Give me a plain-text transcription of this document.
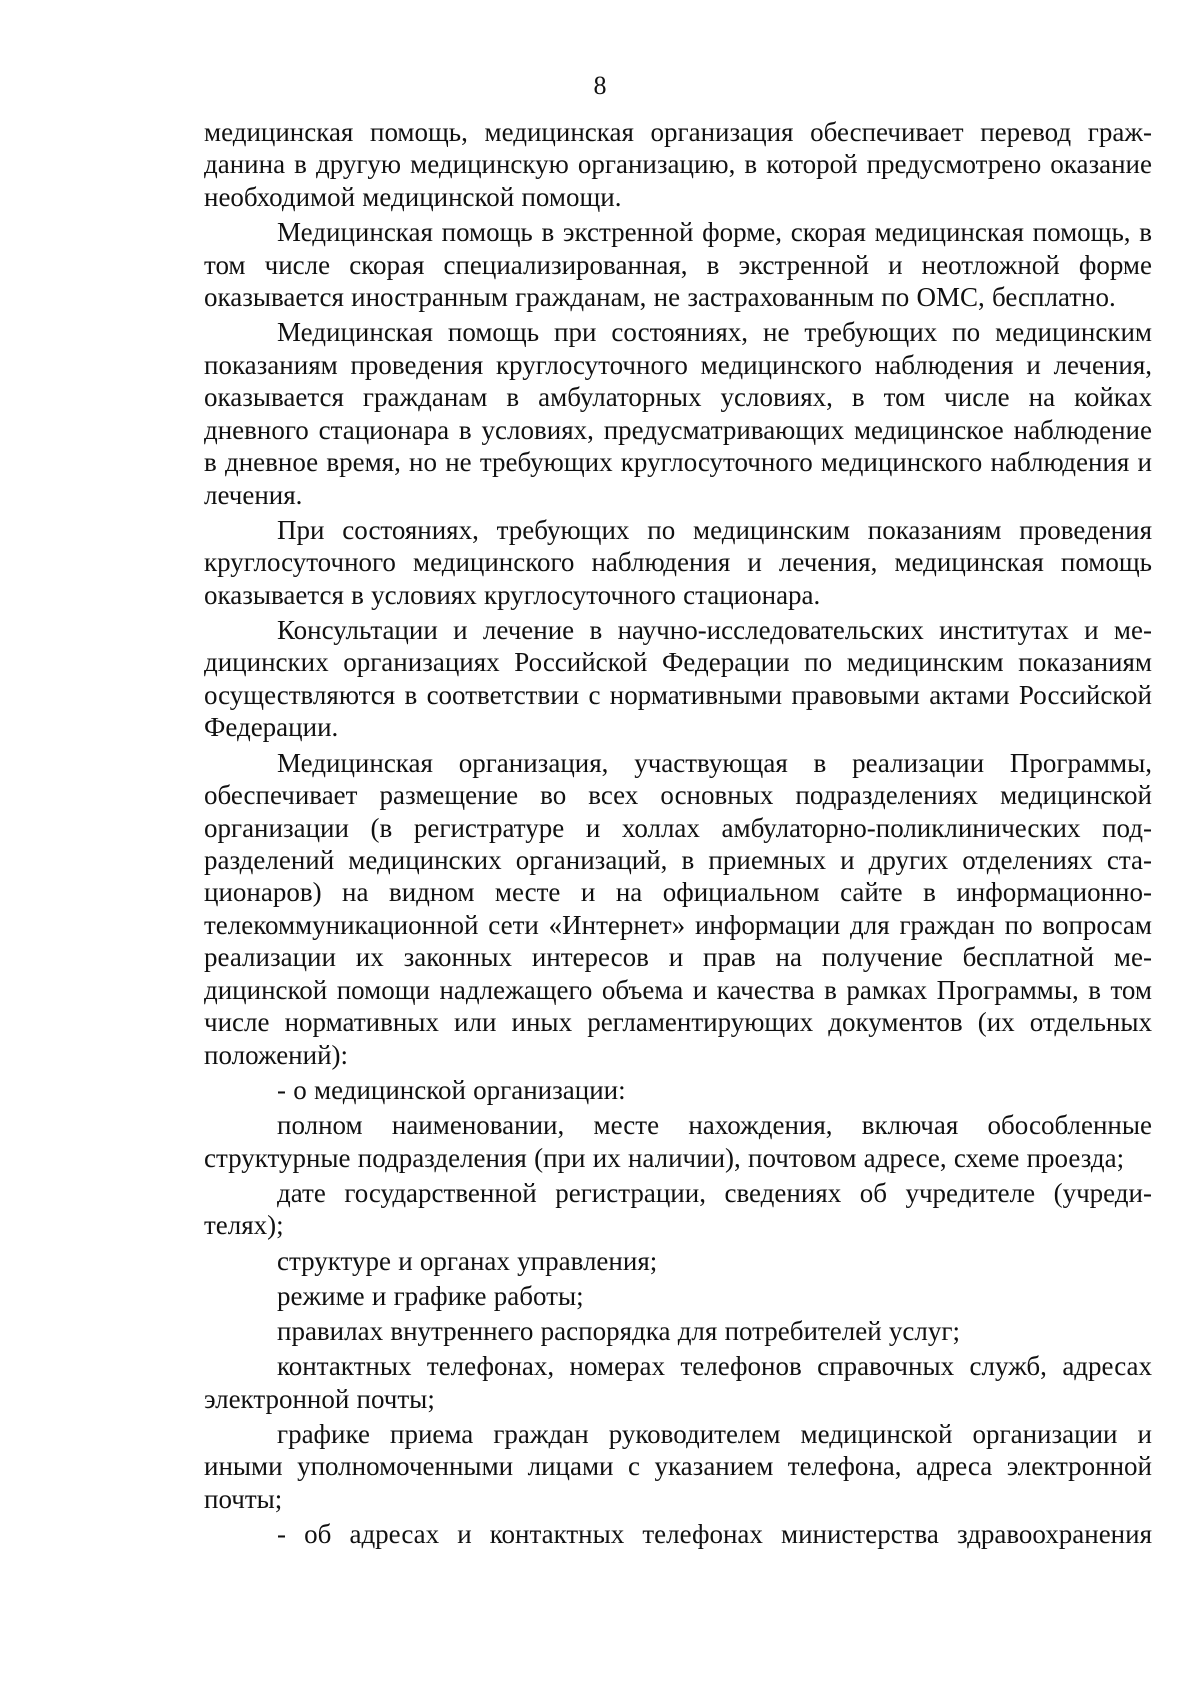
8

медицинская помощь, медицинская организация обеспечивает перевод гражданина в другую медицинскую организацию, в которой предусмотрено оказание необходимой медицинской помощи.

Медицинская помощь в экстренной форме, скорая медицинская помощь, в том числе скорая специализированная, в экстренной и неотложной форме оказывается иностранным гражданам, не застрахованным по ОМС, бесплатно.

Медицинская помощь при состояниях, не требующих по медицинским показаниям проведения круглосуточного медицинского наблюдения и лечения, оказывается гражданам в амбулаторных условиях, в том числе на койках дневного стационара в условиях, предусматривающих медицинское наблюдение в дневное время, но не требующих круглосуточного медицинского наблюдения и лечения.

При состояниях, требующих по медицинским показаниям проведения круглосуточного медицинского наблюдения и лечения, медицинская помощь оказывается в условиях круглосуточного стационара.

Консультации и лечение в научно-исследовательских институтах и медицинских организациях Российской Федерации по медицинским показаниям осуществляются в соответствии с нормативными правовыми актами Российской Федерации.

Медицинская организация, участвующая в реализации Программы, обеспечивает размещение во всех основных подразделениях медицинской организации (в регистратуре и холлах амбулаторно-поликлинических подразделений медицинских организаций, в приемных и других отделениях стационаров) на видном месте и на официальном сайте в информационно-телекоммуникационной сети «Интернет» информации для граждан по вопросам реализации их законных интересов и прав на получение бесплатной медицинской помощи надлежащего объема и качества в рамках Программы, в том числе нормативных или иных регламентирующих документов (их отдельных положений):

- о медицинской организации:

полном наименовании, месте нахождения, включая обособленные структурные подразделения (при их наличии), почтовом адресе, схеме проезда;

дате государственной регистрации, сведениях об учредителе (учредителях);

структуре и органах управления;

режиме и графике работы;

правилах внутреннего распорядка для потребителей услуг;

контактных телефонах, номерах телефонов справочных служб, адресах электронной почты;

графике приема граждан руководителем медицинской организации и иными уполномоченными лицами с указанием телефона, адреса электронной почты;

- об адресах и контактных телефонах министерства здравоохранения
